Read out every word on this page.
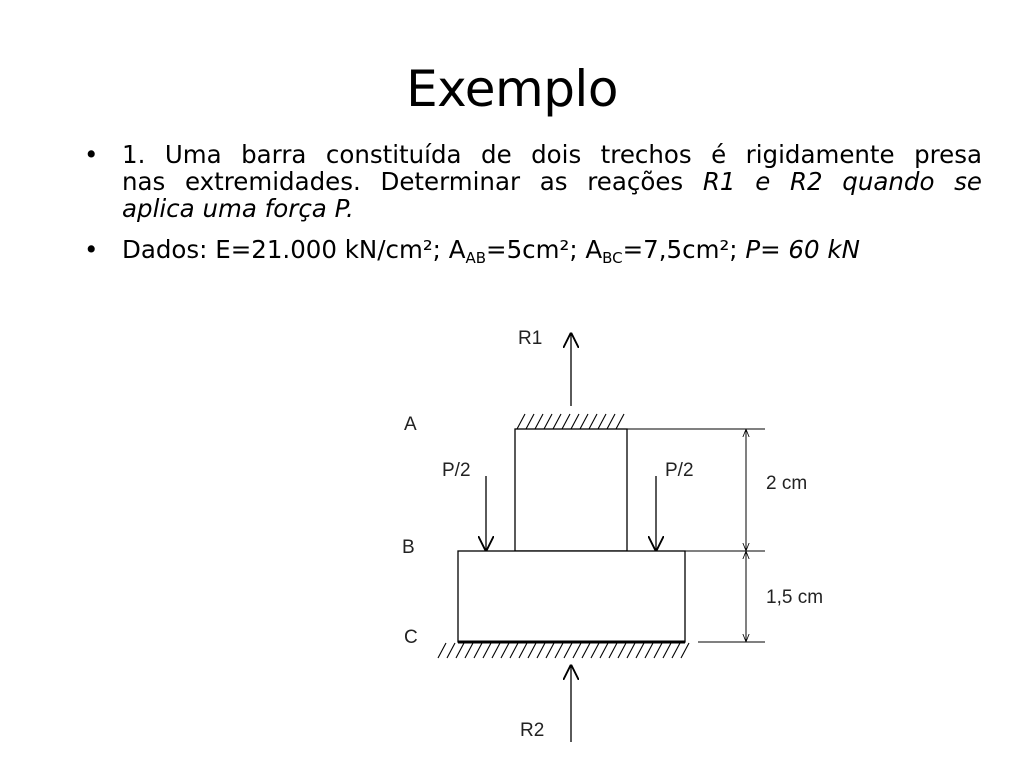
Exemplo
• 1. Uma barra constituída de dois trechos é rigidamente presa
nas extremidades. Determinar as reações R1 e R2 quando se
aplica uma força P.
• Dados: E=21.000 kN/cm²; $A_{AB}=5cm^2$; $A_{BC}=7,5cm^2$; P= 60 kN
R1
R2
P/2	P/2
A
B
C
2 cm
1,5 cm
